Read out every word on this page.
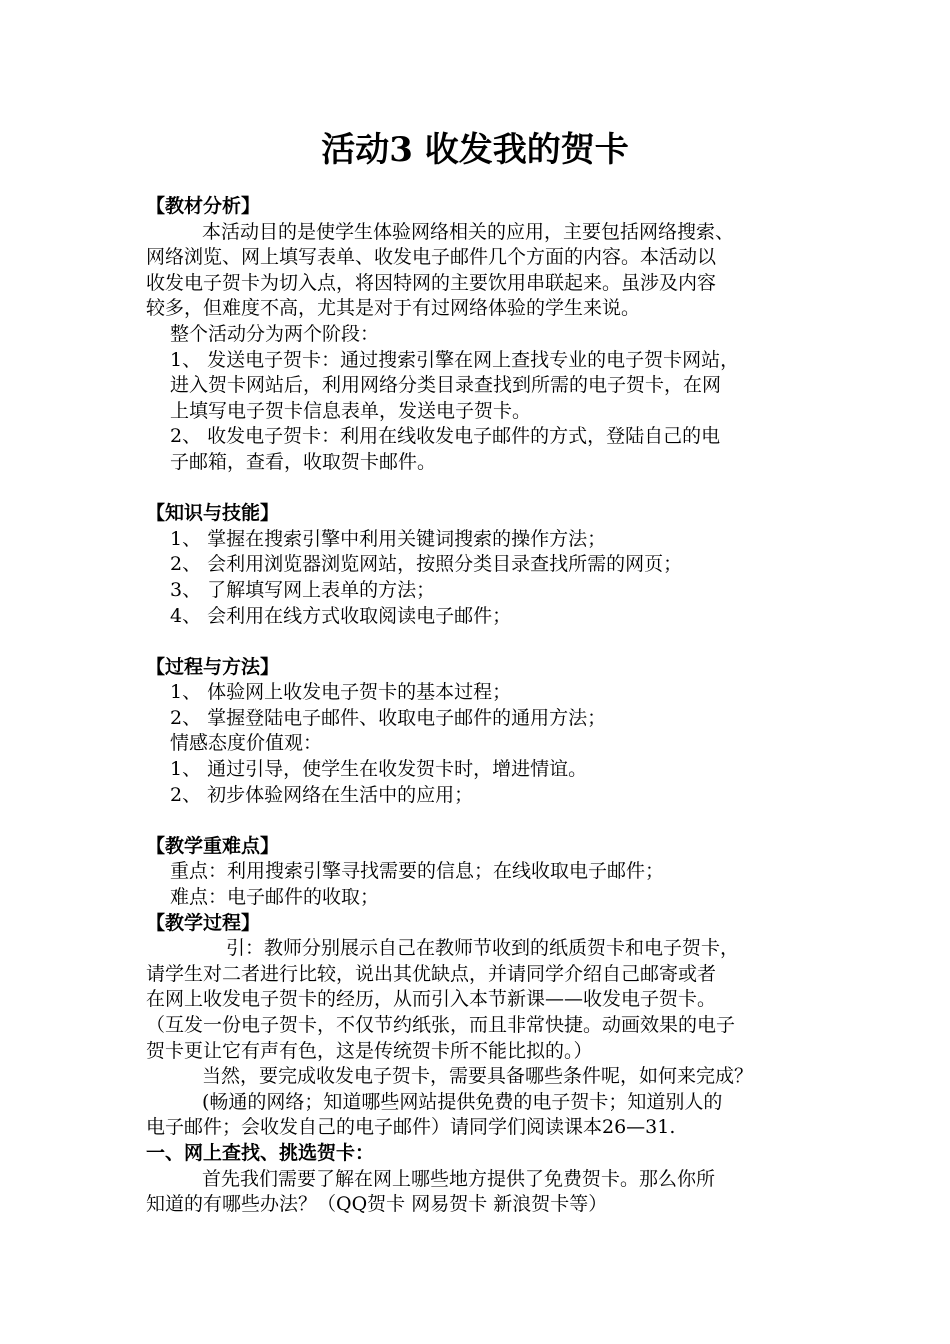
活动3 收发我的贺卡

【教材分析】

本活动目的是使学生体验网络相关的应用，主要包括网络搜索、

网络浏览、网上填写表单、收发电子邮件几个方面的内容。本活动以

收发电子贺卡为切入点，将因特网的主要饮用串联起来。虽涉及内容

较多，但难度不高，尤其是对于有过网络体验的学生来说。

整个活动分为两个阶段：

1、 发送电子贺卡：通过搜索引擎在网上查找专业的电子贺卡网站，

进入贺卡网站后，利用网络分类目录查找到所需的电子贺卡，在网

上填写电子贺卡信息表单，发送电子贺卡。

2、 收发电子贺卡：利用在线收发电子邮件的方式，登陆自己的电

子邮箱，查看，收取贺卡邮件。

【知识与技能】

1、 掌握在搜索引擎中利用关键词搜索的操作方法；

2、 会利用浏览器浏览网站，按照分类目录查找所需的网页；

3、 了解填写网上表单的方法；

4、 会利用在线方式收取阅读电子邮件；

【过程与方法】

1、 体验网上收发电子贺卡的基本过程；

2、 掌握登陆电子邮件、收取电子邮件的通用方法；

情感态度价值观：

1、 通过引导，使学生在收发贺卡时，增进情谊。

2、 初步体验网络在生活中的应用；

【教学重难点】

重点：利用搜索引擎寻找需要的信息；在线收取电子邮件；

难点：电子邮件的收取；

【教学过程】

引：教师分别展示自己在教师节收到的纸质贺卡和电子贺卡，

请学生对二者进行比较，说出其优缺点，并请同学介绍自己邮寄或者

在网上收发电子贺卡的经历，从而引入本节新课——收发电子贺卡。

（互发一份电子贺卡，不仅节约纸张，而且非常快捷。动画效果的电子

贺卡更让它有声有色，这是传统贺卡所不能比拟的。）

当然，要完成收发电子贺卡，需要具备哪些条件呢，如何来完成？

(畅通的网络；知道哪些网站提供免费的电子贺卡；知道别人的

电子邮件；会收发自己的电子邮件）请同学们阅读课本26—31.

一、网上查找、挑选贺卡：

首先我们需要了解在网上哪些地方提供了免费贺卡。那么你所

知道的有哪些办法？（QQ贺卡 网易贺卡 新浪贺卡等）
